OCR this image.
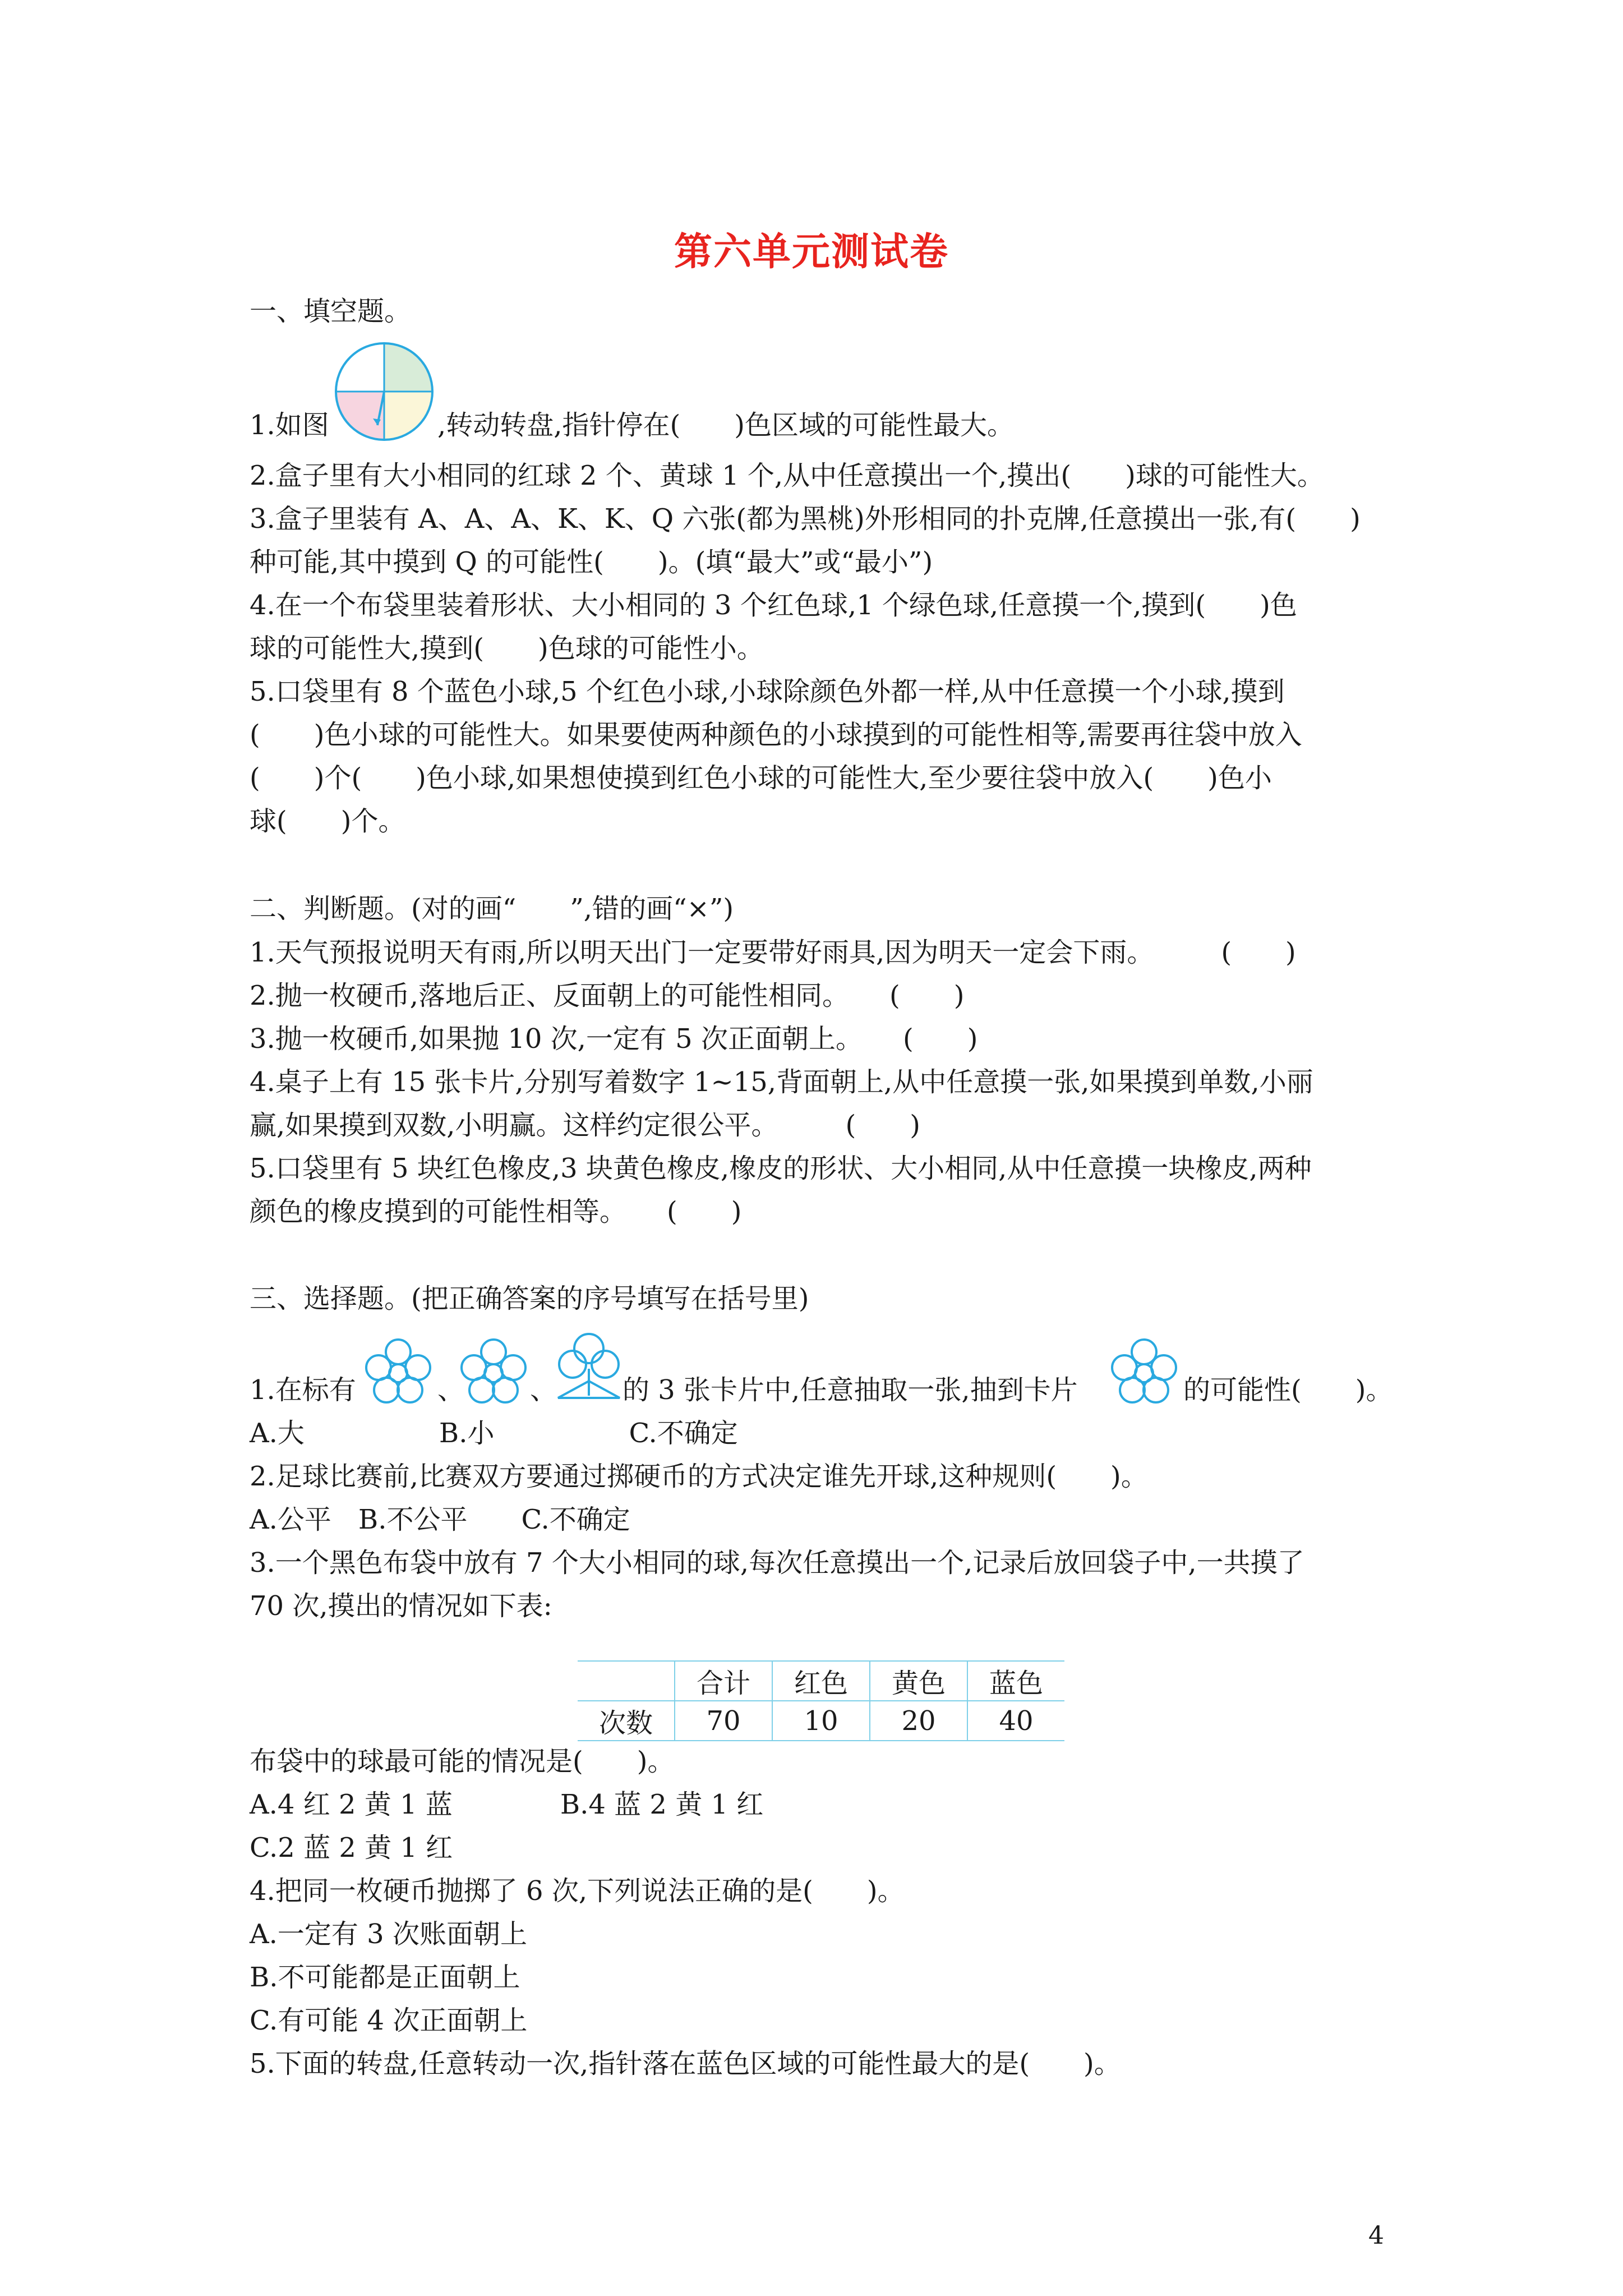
第六单元测试卷
一、填空题。
1.如图	,转动转盘,指针停在(　　)色区域的可能性最大。
2.盒子里有大小相同的红球 2 个、黄球 1 个,从中任意摸出一个,摸出(　　)球的可能性大。
3.盒子里装有 A、A、A、K、K、Q 六张(都为黑桃)外形相同的扑克牌,任意摸出一张,有(　　)
种可能,其中摸到 Q 的可能性(　　)。(填“最大”或“最小”)
4.在一个布袋里装着形状、大小相同的 3 个红色球,1 个绿色球,任意摸一个,摸到(　　)色
球的可能性大,摸到(　　)色球的可能性小。
5.口袋里有 8 个蓝色小球,5 个红色小球,小球除颜色外都一样,从中任意摸一个小球,摸到
(　　)色小球的可能性大。如果要使两种颜色的小球摸到的可能性相等,需要再往袋中放入
(　　)个(　　)色小球,如果想使摸到红色小球的可能性大,至少要往袋中放入(　　)色小
球(　　)个。
二、判断题。(对的画“　　”,错的画“×”)
1.天气预报说明天有雨,所以明天出门一定要带好雨具,因为明天一定会下雨。　　　(　　)
2.抛一枚硬币,落地后正、反面朝上的可能性相同。　　(　　)
3.抛一枚硬币,如果抛 10 次,一定有 5 次正面朝上。　　(　　)
4.桌子上有 15 张卡片,分别写着数字 1~15,背面朝上,从中任意摸一张,如果摸到单数,小丽
赢,如果摸到双数,小明赢。这样约定很公平。　　　(　　)
5.口袋里有 5 块红色橡皮,3 块黄色橡皮,橡皮的形状、大小相同,从中任意摸一块橡皮,两种
颜色的橡皮摸到的可能性相等。　　(　　)
三、选择题。(把正确答案的序号填写在括号里)
1.在标有	、 、 的 3 张卡片中,任意抽取一张,抽到卡片	的可能性(　　)。
A.大　　　　　B.小　　　　　C.不确定
2.足球比赛前,比赛双方要通过掷硬币的方式决定谁先开球,这种规则(　　)。
A.公平　B.不公平　　C.不确定
3.一个黑色布袋中放有 7 个大小相同的球,每次任意摸出一个,记录后放回袋子中,一共摸了
70 次,摸出的情况如下表:
	合计	红色	黄色	蓝色
次数	70	10	20	40
布袋中的球最可能的情况是(　　)。
A.4 红 2 黄 1 蓝　　　　B.4 蓝 2 黄 1 红
C.2 蓝 2 黄 1 红
4.把同一枚硬币抛掷了 6 次,下列说法正确的是(　　)。
A.一定有 3 次账面朝上
B.不可能都是正面朝上
C.有可能 4 次正面朝上
5.下面的转盘,任意转动一次,指针落在蓝色区域的可能性最大的是(　　)。
4
